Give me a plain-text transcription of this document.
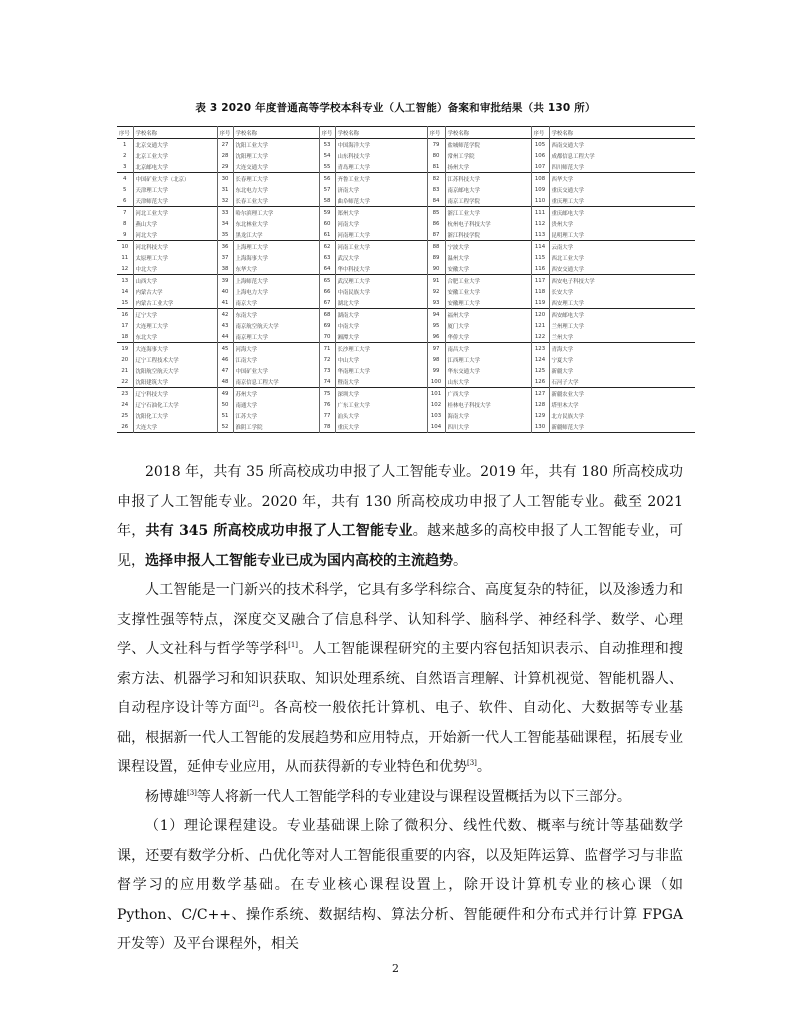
表 3 2020 年度普通高等学校本科专业（人工智能）备案和审批结果（共 130 所）
序号	学校名称	序号	学校名称	序号	学校名称	序号	学校名称	序号	学校名称
1	北京交通大学	27	沈阳工业大学	53	中国海洋大学	79	盐城师范学院	105	西南交通大学
2	北京工业大学	28	沈阳理工大学	54	山东科技大学	80	常州工学院	106	成都信息工程大学
3	北京邮电大学	29	大连交通大学	55	青岛理工大学	81	扬州大学	107	四川师范大学
4	中国矿业大学（北京）	30	长春理工大学	56	齐鲁工业大学	82	江苏科技大学	108	西华大学
5	天津理工大学	31	东北电力大学	57	济南大学	83	南京邮电大学	109	重庆交通大学
6	天津师范大学	32	长春工业大学	58	曲阜师范大学	84	南京工程学院	110	重庆理工大学
7	河北工业大学	33	哈尔滨理工大学	59	郑州大学	85	浙江工业大学	111	重庆邮电大学
8	燕山大学	34	东北林业大学	60	河南大学	86	杭州电子科技大学	112	贵州大学
9	河北大学	35	黑龙江大学	61	河南理工大学	87	浙江科技学院	113	昆明理工大学
10	河北科技大学	36	上海理工大学	62	河南工业大学	88	宁波大学	114	云南大学
11	太原理工大学	37	上海海事大学	63	武汉大学	89	温州大学	115	西北工业大学
12	中北大学	38	东华大学	64	华中科技大学	90	安徽大学	116	西安交通大学
13	山西大学	39	上海师范大学	65	武汉理工大学	91	合肥工业大学	117	西安电子科技大学
14	内蒙古大学	40	上海电力大学	66	中南民族大学	92	安徽工业大学	118	长安大学
15	内蒙古工业大学	41	南京大学	67	湖北大学	93	安徽理工大学	119	西安理工大学
16	辽宁大学	42	东南大学	68	湖南大学	94	福州大学	120	西安邮电大学
17	大连理工大学	43	南京航空航天大学	69	中南大学	95	厦门大学	121	兰州理工大学
18	东北大学	44	南京理工大学	70	湘潭大学	96	华侨大学	122	兰州大学
19	大连海事大学	45	河海大学	71	长沙理工大学	97	南昌大学	123	青海大学
20	辽宁工程技术大学	46	江南大学	72	中山大学	98	江西理工大学	124	宁夏大学
21	沈阳航空航天大学	47	中国矿业大学	73	华南理工大学	99	华东交通大学	125	新疆大学
22	沈阳建筑大学	48	南京信息工程大学	74	暨南大学	100	山东大学	126	石河子大学
23	辽宁科技大学	49	苏州大学	75	深圳大学	101	广西大学	127	新疆农业大学
24	辽宁石油化工大学	50	南通大学	76	广东工业大学	102	桂林电子科技大学	128	塔里木大学
25	沈阳化工大学	51	江苏大学	77	汕头大学	103	海南大学	129	北方民族大学
26	大连大学	52	淮阴工学院	78	重庆大学	104	四川大学	130	新疆师范大学

2018 年，共有 35 所高校成功申报了人工智能专业。2019 年，共有 180 所高校成功申报了人工智能专业。2020 年，共有 130 所高校成功申报了人工智能专业。截至 2021 年，共有 345 所高校成功申报了人工智能专业。越来越多的高校申报了人工智能专业，可见，选择申报人工智能专业已成为国内高校的主流趋势。

人工智能是一门新兴的技术科学，它具有多学科综合、高度复杂的特征，以及渗透力和支撑性强等特点，深度交叉融合了信息科学、认知科学、脑科学、神经科学、数学、心理学、人文社科与哲学等学科[1]。人工智能课程研究的主要内容包括知识表示、自动推理和搜索方法、机器学习和知识获取、知识处理系统、自然语言理解、计算机视觉、智能机器人、自动程序设计等方面[2]。各高校一般依托计算机、电子、软件、自动化、大数据等专业基础，根据新一代人工智能的发展趋势和应用特点，开始新一代人工智能基础课程，拓展专业课程设置，延伸专业应用，从而获得新的专业特色和优势[3]。

杨博雄[3]等人将新一代人工智能学科的专业建设与课程设置概括为以下三部分。

（1）理论课程建设。专业基础课上除了微积分、线性代数、概率与统计等基础数学课，还要有数学分析、凸优化等对人工智能很重要的内容，以及矩阵运算、监督学习与非监督学习的应用数学基础。在专业核心课程设置上，除开设计算机专业的核心课（如 Python、C/C++、操作系统、数据结构、算法分析、智能硬件和分布式并行计算 FPGA 开发等）及平台课程外，相关

2
